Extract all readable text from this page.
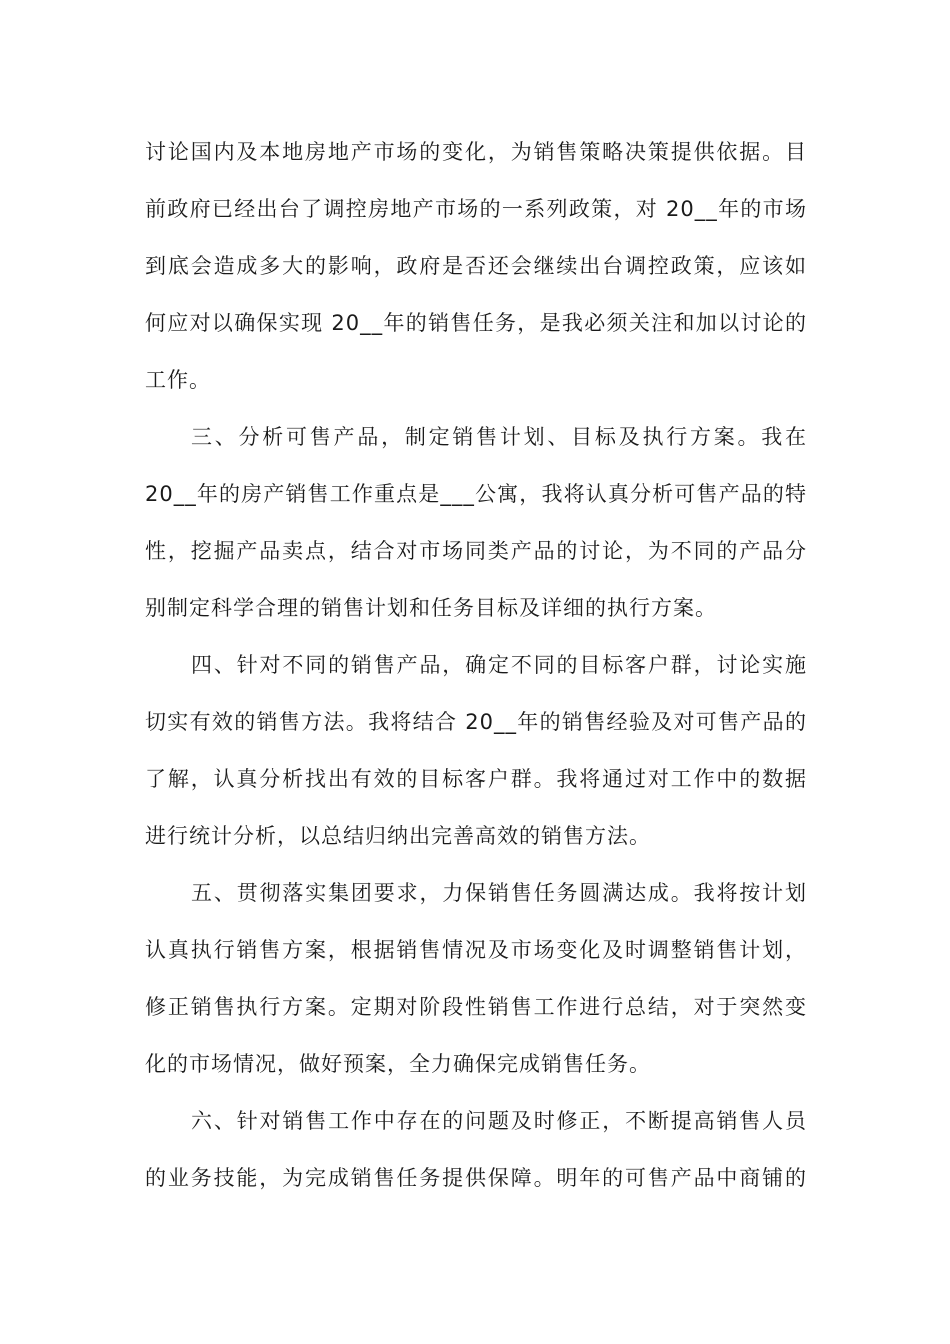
讨论国内及本地房地产市场的变化，为销售策略决策提供依据。目
前政府已经出台了调控房地产市场的一系列政策，对 20__年的市场
到底会造成多大的影响，政府是否还会继续出台调控政策，应该如
何应对以确保实现 20__年的销售任务，是我必须关注和加以讨论的
工作。
三、分析可售产品，制定销售计划、目标及执行方案。我在
20__年的房产销售工作重点是___公寓，我将认真分析可售产品的特
性，挖掘产品卖点，结合对市场同类产品的讨论，为不同的产品分
别制定科学合理的销售计划和任务目标及详细的执行方案。
四、针对不同的销售产品，确定不同的目标客户群，讨论实施
切实有效的销售方法。我将结合 20__年的销售经验及对可售产品的
了解，认真分析找出有效的目标客户群。我将通过对工作中的数据
进行统计分析，以总结归纳出完善高效的销售方法。
五、贯彻落实集团要求，力保销售任务圆满达成。我将按计划
认真执行销售方案，根据销售情况及市场变化及时调整销售计划，
修正销售执行方案。定期对阶段性销售工作进行总结，对于突然变
化的市场情况，做好预案，全力确保完成销售任务。
六、针对销售工作中存在的问题及时修正，不断提高销售人员
的业务技能，为完成销售任务提供保障。明年的可售产品中商铺的
